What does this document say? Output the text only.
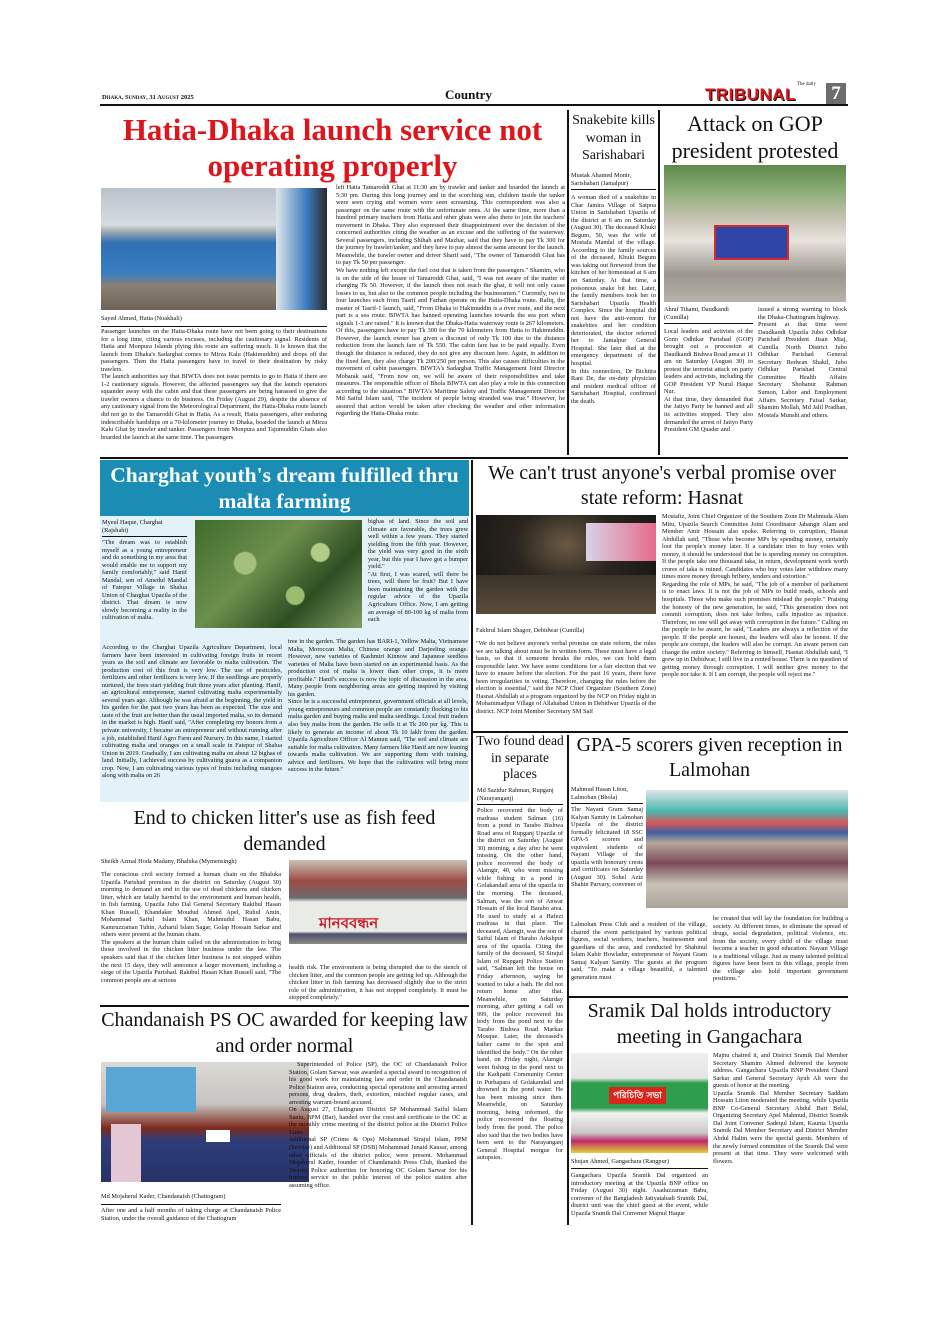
Dhaka, Sunday, 31 August 2025	Country
The daily
TRIBUNAL 7
Hatia-Dhaka launch service not operating properly
Sayed Ahmed, Hatia (Noakhali)

Passenger launches on the Hatia-Dhaka route have not been going to their destinations for a long time, citing various excuses, including the cautionary signal. Residents of Hatia and Monpura Islands plying this route are suffering much. It is known that the launch from Dhaka's Sadarghat comes to Mirza Kalu (Hakimuddin) and drops off the passengers. Then the Hatia passengers have to travel to their destination by risky trawlers.

The launch authorities say that BIWTA does not issue permits to go to Hatia if there are 1-2 cautionary signals. However, the affected passengers say that the launch operators squander away with the cabin and that these passengers are being harassed to give the trawler owners a chance to do business. On Friday (August 29), despite the absence of any cautionary signal from the Meteorological Department, the Hatia-Dhaka route launch did not go to the Tamaroddi Ghat in Hatia. As a result, Hatia passengers, after enduring indescribable hardships on a 70-kilometer journey to Dhaka, boarded the launch at Mirza Kalu Ghat by trawler and tanker. Passengers from Monpura and Tajumuddin Ghats also boarded the launch at the same time. The passengers

left Hatia Tamaroddi Ghat at 11:30 am by trawler and tanker and boarded the launch at 5:30 pm. During this long journey and in the scorching sun, children inside the tanker were seen crying and women were seen screaming. This correspondent was also a passenger on the same route with the unfortunate ones. At the same time, more than a hundred primary teachers from Hatia and other ghats were also there to join the teachers' movement in Dhaka. They also expressed their disappointment over the decision of the concerned authorities citing the weather as an excuse and the suffering of the waterway. Several passengers, including Shihab and Mazhar, said that they have to pay Tk 300 for the journey by trawler/tanker, and they have to pay almost the same amount for the launch. Meanwhile, the trawler owner and driver Sharif said, "The owner of Tamaroddi Ghat has to pay Tk 50 per passenger.

We have nothing left except the fuel cost that is taken from the passengers." Shamim, who is on the side of the lessee of Tamaroddi Ghat, said, "I was not aware of the matter of charging Tk 50. However, if the launch does not reach the ghat, it will not only cause losses to us, but also to the common people including the businessmen." Currently, two to four launches each from Tasrif and Farhan operate on the Hatia-Dhaka route. Rafiq, the master of Tasrif-1 launch, said, "From Dhaka to Hakimuddin is a river route, and the next part is a sea route. BIWTA has banned operating launches towards the sea port when signals 1-3 are raised." It is known that the Dhaka-Hatia waterway route is 267 kilometers. Of this, passengers have to pay Tk 300 for the 70 kilometers from Hatia to Hakimuddin. However, the launch owner has given a discount of only Tk 100 due to the distance reduction from the launch fare of Tk 550. The cabin fare has to be paid equally. Even though the distance is reduced, they do not give any discount here. Again, in addition to the fixed fare, they also charge Tk 200/250 per person. This also causes difficulties in the movement of cabin passengers. BIWTA's Sadarghat Traffic Management Joint Director Mobarak said, "From now on, we will be aware of their responsibilities and take measures. The responsible officer of Bhola BIWTA can also play a role in this connection according to the situation." BIWTA's Maritime Safety and Traffic Management Director Md Saiful Islam said, "The incident of people being stranded was true." However, he assured that action would be taken after checking the weather and other information regarding the Hatia-Dhaka route.

Snakebite kills woman in Sarishabari
Mustak Ahamed Monir, Sarishabari (Jamalpur)

A woman died of a snakebite in Char Jamira Village of Satpoa Union in Sarishabari Upazila of the district at 6 am on Saturday (August 30). The deceased Khuki Begum, 50, was the wife of Mostafa Mandal of the village. According to the family sources of the deceased, Khuki Begum was taking out firewood from the kitchen of her homestead at 6 am on Saturday. At that time, a poisonous snake bit her. Later, the family members took her to Sarishabari Upazila Health Complex. Since the hospital did not have the anti-venom for snakebites and her condition deteriorated, the doctor referred her to Jamalpur General Hospital. She later died at the emergency department of the hospital.

In this connection, Dr Bichitra Rani De, the on-duty physician and resident medical officer of Sarishabari Hospital, confirmed the death.

Attack on GOP president protested
Ahraf Tihami, Daudkandi (Cumilla)

Local leaders and activists of the Gono Odhikar Parishad (GOP) brought out a procession at Daudkandi Bishwa Road area at 11 am on Saturday (August 30) to protest the terrorist attack on party leaders and activists, including the GOP President VP Nurul Haque Nur.

At that time, they demanded that the Jatiyo Party be banned and all its activities stopped. They also demanded the arrest of Jatiyo Party President GM Quader and

issued a strong warning to block the Dhaka-Chattogram highway.

Present at that time were Daudkandi Upazila Jubo Odhikar Parishad President Jisan Miaj, Cumilla North District Jubo Odhikar Parishad General Secretary Redwan Shakil, Jubo Odhikar Parishad Central Committee Health Affairs Secretary Shohanur Rahman Sumon, Labor and Employment Affairs Secretary Faisal Sarkar, Shamim Mollah, Md Jalil Pradhan, Mostafa Munshi and others.

Charghat youth's dream fulfilled thru malta farming
Myeul Haque, Charghat (Rajshahi)

"The dream was to establish myself as a young entrepreneur and do something in my area that would enable me to support my family comfortably," said Hanif Mandal, son of Amedul Mandal of Fatepur Village in Shalua Union of Charghat Upazila of the district. That dream is now slowly becoming a reality in the cultivation of malta.

bighas of land. Since the soil and climate are favorable, the trees grew well within a few years. They started yielding from the fifth year. However, the yield was very good in the sixth year, but this year I have got a bumper yield."

"At first, I was scared, will there be trees, will there be fruit? But I have been maintaining the garden with the regular advice of the Upazila Agriculture Office. Now, I am getting an average of 80-100 kg of malta from each

According to the Charghat Upazila Agriculture Department, local farmers have been interested in cultivating foreign fruits in recent years as the soil and climate are favorable to malta cultivation. The production cost of this fruit is very low. The use of pesticides, fertilizers and other fertilizers is very low. If the seedlings are properly nurtured, the trees start yielding fruit three years after planting. Hanif, an agricultural entrepreneur, started cultivating malta experimentally several years ago. Although he was afraid at the beginning, the yield in his garden for the past two years has been as expected. The size and taste of the fruit are better than the usual imported malta, so its demand in the market is high. Hanif said, "After completing my honors from a private university, I became an entrepreneur and without running after a job, established Hanif Agro Farm and Nursery. In this name, I started cultivating malta and oranges on a small scale in Fatepur of Shalua Union in 2019. Gradually, I am cultivating malta on about 12 bighas of land. Initially, I achieved success by cultivating guava as a companion crop. Now, I am cultivating various types of fruits including mangoes along with malta on 26

tree in the garden. The garden has BARI-1, Yellow Malta, Vietnamese Malta, Moroccan Malta, Chinese orange and Darjeeling orange. However, new varieties of Kashmiri Kinnow and Japanese seedless varieties of Malta have been started on an experimental basis. As the production cost of malta is lower than other crops, it is more profitable." Hanif's success is now the topic of discussion in the area. Many people from neighboring areas are getting inspired by visiting his garden.

Since he is a successful entrepreneur, government officials at all levels, young entrepreneurs and common people are constantly flocking to his malta garden and buying malta and malta seedlings. Local fruit traders also buy malta from the garden. He sells it at Tk 200 per kg. This is likely to generate an income of about Tk 10 lakh from the garden. Upazila Agriculture Officer Al Mamun said, "The soil and climate are suitable for malta cultivation. Many farmers like Hanif are now leaning towards malta cultivation. We are supporting them with training, advice and fertilizers. We hope that the cultivation will bring more success in the future."

We can't trust anyone's verbal promise over state reform: Hasnat
Fakhrul Islam Shagor, Debidwar (Cumilla)

"We do not believe anyone's verbal promise on state reform, the rules we are talking about must be in written form. These must have a legal basis, so that if someone breaks the rules, we can hold them responsible later. We have some conditions for a fair election that we have to ensure before the election. For the past 16 years, there have been irregularities in voting. Therefore, changing the rules before the election is essential," said the NCP Chief Organizer (Southern Zone) Hasnat Abdullah at a program organized by the NCP on Friday night in Mohammadpur Village of Allahabad Union in Debidwar Upazila of the district. NCP Joint Member Secretary SM Saif

Mostafiz, Joint Chief Organizer of the Southern Zone Dr Mahmuda Alam Mitu, Upazila Search Committee Joint Coordinator Jahangir Alam and Member Amir Hossain also spoke. Referring to corruption, Hasnat Abdullah said, "Those who become MPs by spending money, certainly loot the people's money later. If a candidate tries to buy votes with money, it should be understood that he is spending money on corruption. If the people take one thousand taka, in return, development work worth crores of taka is ruined. Candidates who buy votes later withdraw many times more money through bribery, tenders and extortion."

Regarding the role of MPs, he said, "The job of a member of parliament is to enact laws. It is not the job of MPs to build roads, schools and hospitals. Those who make such promises mislead the people." Praising the honesty of the new generation, he said, "This generation does not commit corruption, does not take bribes, calls injustice as injustice. Therefore, no one will get away with corruption in the future." Calling on the people to be aware, he said, "Leaders are always a reflection of the people. If the people are honest, the leaders will also be honest. If the people are corrupt, the leaders will also be corrupt. An aware person can change the entire society." Referring to himself, Hasnat Abdullah said, "I grew up in Debidwar, I still live in a rented house. There is no question of getting money through corruption. I will neither give money to the people nor take it. If I am corrupt, the people will reject me."

End to chicken litter's use as fish feed demanded
Sheikh Azmal Hoda Madany, Bhaluka (Mymensingh)

The conscious civil society formed a human chain on the Bhaluka Upazila Parishad premises in the district on Saturday (August 30) morning to demand an end to the use of dead chickens and chicken litter, which are fatally harmful to the environment and human health, in fish farming. Upazila Jubo Dal General Secretary Rakibul Hasan Khan Russell, Khandaker Moudud Ahmed Apel, Ruhul Amin, Mohammad Saiful Islam Khan, Mahmudul Hasan Babu, Kamruzzaman Tuhin, Azharul Islam Sagar, Golap Hossain Sarkar and others were present at the human chain.

The speakers at the human chain called on the administration to bring those involved in the chicken litter business under the law. The speakers said that if the chicken litter business is not stopped within the next 15 days, they will announce a larger movement, including a siege of the Upazila Parishad. Rakibul Hasan Khan Russell said, "The common people are at serious

মানববন্ধন

health risk. The environment is being disrupted due to the stench of chicken litter, and the common people are getting fed up. Although the chicken litter in fish farming has decreased slightly due to the strict role of the administration, it has not stopped completely. It must be stopped completely."

Chandanaish PS OC awarded for keeping law and order normal
Md Mojaherul Kader, Chandanaish (Chattogram)

After one and a half months of taking charge at Chandanaish Police Station, under the overall guidance of the Chattogram

Superintended of Police (SP), the OC of Chandanaish Police Station, Golam Sarwar, was awarded a special award in recognition of his good work for maintaining law and order in the Chandanaish Police Station area, conducting special operations and arresting armed persons, drug dealers, theft, extortion, mischief regular cases, and arresting warrant-bound accused.

On August 27, Chattogram District SP Mohammad Saiful Islam Santu, BPM (Bar), handed over the crest and certificate to the OC at the monthly crime meeting of the district police at the District Police Lines.

Additional SP (Crime & Ops) Mohammad Sirajul Islam, PPM (Service) and Additional SP (DSB) Mohammad Junaid Kausar, among other officials of the district police, were present. Mohammad Mojaherul Kader, founder of Chandanaish Press Club, thanked the District Police authorities for honoring OC Golam Sarwar for his tireless service to the public interest of the police station after assuming office.

Two found dead in separate places
Md Sazidur Rahman, Rupganj (Narayanganj)

Police recovered the body of madrasa student Salman (16) from a pond in Tarabo Bishwa Road area of Rupganj Upazila of the district on Saturday (August 30) morning, a day after he went missing. On the other hand, police recovered the body of Alamgir, 40, who went missing while fishing in a pond in Golakandail area of the upazila in the morning. The deceased, Salman, was the son of Anwar Hossain of the local Barabo area. He used to study at a Hafezi madrasa in that place. The deceased, Alamgir, was the son of Saiful Islam of Harabo Arkshpur area of the upazila. Citing the family of the deceased, SI Sirajul Islam of Rupganj Police Station said, "Salman left the house on Friday afternoon, saying he wanted to take a bath. He did not return home after that. Meanwhile, on Saturday morning, after getting a call on 999, the police recovered his body from the pond next to the Tarabo Bishwa Road Markaz Mosque. Later, the deceased's father came to the spot and identified the body." On the other hand, on Friday night, Alamgir went fishing in the pond next to the Kadipatti Community Center in Purbapara of Golakandail and drowned in the pond water. He has been missing since then. Meanwhile, on Saturday morning, being informed, the police recovered the floating body from the pond. The police also said that the two bodies have been sent to the Narayanganj General Hospital morgue for autopsies.

GPA-5 scorers given reception in Lalmohan
Mahmud Hasan Liton, Lalmohan (Bhola)

The Nayani Gram Samaj Kalyan Samity in Lalmohan Upazila of the district formally felicitated 18 SSC GPA-5 scorers and equivalent students of Nayani Village of the upazila with honorary crests and certificates on Saturday (August 30). Sohel Aziz Shahin Parvary, convener of

Lalmohan Press Club and a resident of the village, chaired the event participated by various political figures, social workers, teachers, businessmen and guardians of the area, and conducted by Shahinul Islam Kabir Howlader, entrepreneur of Nayani Gram Samaj Kalyan Samity. The guests at the program said, "To make a village beautiful, a talented generation must

be created that will lay the foundation for building a society. At different times, to eliminate the spread of drugs, social degradation, political violence, etc. from the society, every child of the village must become a teacher in good education. Nayani Village is a traditional village. Just as many talented political figures have been born in this village, people from the village also hold important government positions."

Sramik Dal holds introductory meeting in Gangachara
পরিচিতি সভা
Shujan Ahmed, Gangachara (Rangpur)

Gangachara Upazila Sramik Dal organized an introductory meeting at the Upazila BNP office on Friday (August 30) night. Asaduzzaman Babu, convener of the Bangladesh Jatiyatabadi Sramik Dal, district unit was the chief guest at the event, while Upazila Sramik Dal Convener Majnul Haque

Majnu chaired it, and District Sramik Dal Member Secretary Shamim Ahmed delivered the keynote address. Gangachara Upazila BNP President Chand Sarkar and General Secretary Ayub Ali were the guests of honor at the meeting.

Upazila Sramik Dal Member Secretary Saddam Hossain Liton moderated the meeting, while Upazila BNP Co-General Secretary Abdul Bari Belal, Organizing Secretary Apel Mahmud, District Sramik Dal Joint Convener Sadequl Islam, Kaunia Upazila Sramik Dal Member Secretary and District Member Abdul Halim were the special guests. Members of the newly formed committee of the Sramik Dal were present at that time. They were welcomed with flowers.
